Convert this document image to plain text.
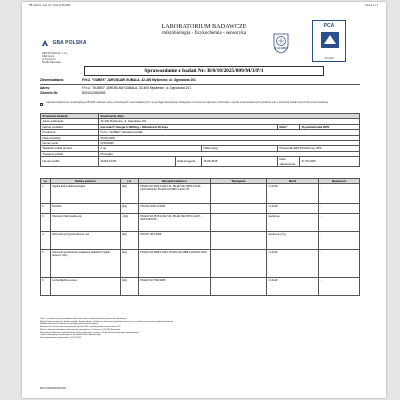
PB-14/F-01, wyd. 10 z dnia 24.08.2025	Strona 1 z 2
GBA POLSKA
GBA POLSKA Sp. z o.o.
GBA Group
ul. Kmicica 2
62-081 Baranowo
LABORATORIUM BADAWCZE
mikrobiologia - fizykochemia - sensoryka
ILAC-MRA
PCA
AB 1090
Sprawozdanie z badań Nr: B/0/10/2025/809/M/3/P/1
Zleceniodawca:	F.H.U. "GUBEX" JAROSŁAW GUBAŁA, 32-400 Myślenice, ul. Ogrodowa 101
Adres:	F.H.U. "GUBEX" JAROSŁAW GUBAŁA, 32-400 Myślenice, ul. Ogrodowa 101
Zlecenie Nr:	B/0/10/2025/809
materiały dostarczone na akredytację AB 1090 i zakresie usług i stosowanych metod badawczych, nie są objęte akredytacją. Odstępstwo od metod nie zgłoszono; Informacje o wyniku przeprowadzonych pomiarów oraz z informacji dostarczonych przez zleceniodawcę.
Przedmiot badania:	Suplementy diety				
Adres odebrania:	32-400 Myślenice, ul. Ogrodowa 101				
Nazwa produktu:	mersmax® Omega-3 1000mg + Witamina E 90 kaps			Data*:	16 października 2025
Producent:	F.H.U. "GUBEX" Jarosław Gubała				
Data produkcji:	05.06.2025				
Numer partii:	0705/2025				
Wielkość próbki do bad.:	2 op.		Odbiorca(y):	Pracownik GBA POLSKA sp. 25/4	
Transport próbki:	Przesyłka				
Numer próbki:	31002 10/25	Data przyjęcia:	15.05.2025	Data zakończenia:	27.05.2025
Lp.	Badany parametr	j.m.	Metodyka badania nr	Wymagania	Wynik	Niepewność
1	Ogólna liczba drobnoustrojów	jtk/g	PN-EN ISO 4833-1:2013-12, PN-EN ISO 4833-1:2013-12/A1:2022-06, PN-EN ISO 6887-1:2017-05		<1,0x10¹	-
2	Drożdże	jtk/g	PN-ISO 21527-2:2009		<1,0x10¹	-
3	Obecność Salmonella spp.	-/10g	PN-EN ISO 6579-1:2017-04, PN-EN ISO 6579-1:2017-04/A1:2020-09		nieobecne	-
4	Obecność przypuszczalna E. coli	jtk/g	PN-ISO 7251:2006		nieobecne w 1g	-
5	Obecność gronkowców koagulazo-dodatnich (Staph. aureus i inne)	jtk/g	PN-EN ISO 6888-1:2004, PN-EN ISO 6888-1:2004/A1:2023		<1,0x10¹	-
6	Liczba Bacillus cereus	jtk/g	PN-EN ISO 7932:2005		<1,0x10¹	-
Data* - w odniesieniu do produktów dla których data została przekazana przez zleceniodawcę.
Wyniki dotyczą wyłącznie badanej próbki. Sprawozdanie z badań nie może być powielane inaczej niż w całości bez pisemnej zgody laboratorium.
Metody oznaczone znakiem nie są objęte zakresem akredytacji.
Niepewność rozszerzona przy poziomie ufności 95% i współczynniku rozszerzenia k=2.
Miejsce wykonania badania: laboratorium stacjonarne, ul. Kmicica 2, 62-081 Baranowo.
Reklamacje dotyczące wyników badań należy zgłaszać w terminie 14 dni od daty otrzymania sprawozdania.
Osoba autoryzująca sprawozdanie: Kierownik Działu Mikrobiologii.
Data wystawienia sprawozdania: 27.05.2025
B/0/10/2025/809/M/3/P/1
